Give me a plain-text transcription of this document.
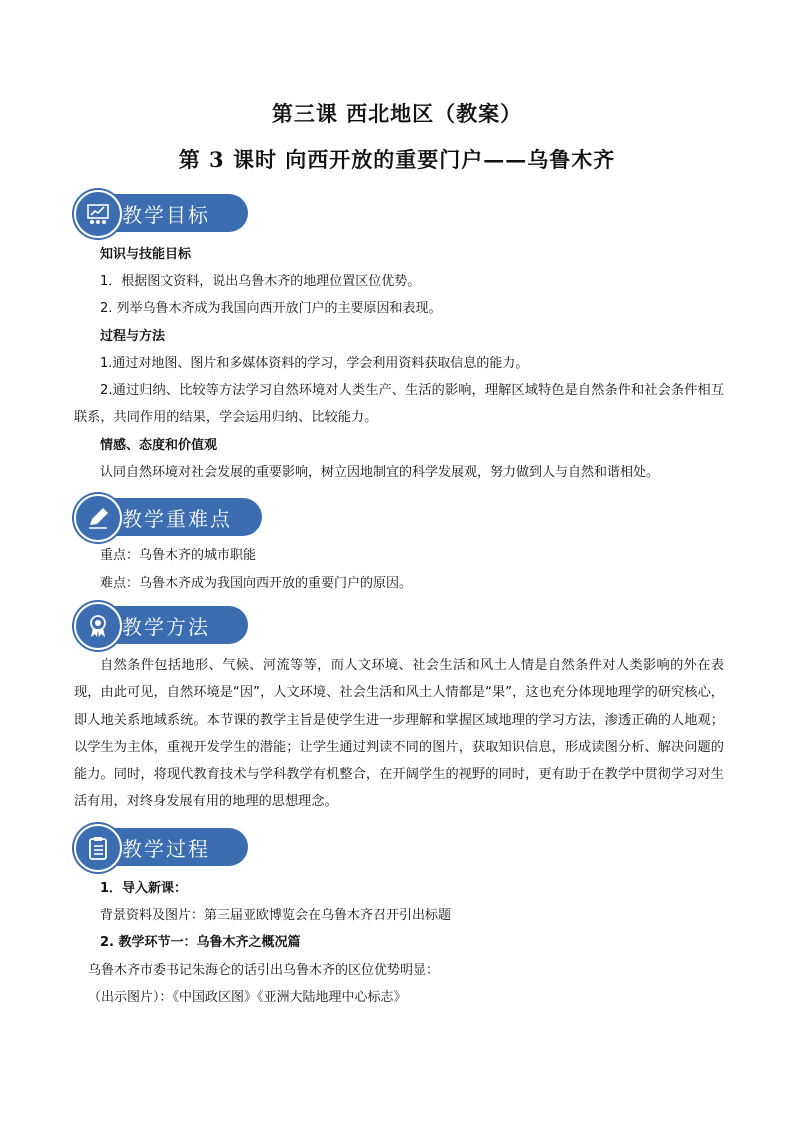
第三课 西北地区（教案）
第 3 课时 向西开放的重要门户——乌鲁木齐
教学目标
知识与技能目标
1．根据图文资料，说出乌鲁木齐的地理位置区位优势。
2. 列举乌鲁木齐成为我国向西开放门户的主要原因和表现。
过程与方法
1.通过对地图、图片和多媒体资料的学习，学会利用资料获取信息的能力。
2.通过归纳、比较等方法学习自然环境对人类生产、生活的影响，理解区域特色是自然条件和社会条件相互联系，共同作用的结果，学会运用归纳、比较能力。
情感、态度和价值观
认同自然环境对社会发展的重要影响，树立因地制宜的科学发展观，努力做到人与自然和谐相处。
教学重难点
重点：乌鲁木齐的城市职能
难点：乌鲁木齐成为我国向西开放的重要门户的原因。
教学方法
自然条件包括地形、气候、河流等等，而人文环境、社会生活和风土人情是自然条件对人类影响的外在表现，由此可见，自然环境是“因”，人文环境、社会生活和风土人情都是“果”，这也充分体现地理学的研究核心，即人地关系地域系统。本节课的教学主旨是使学生进一步理解和掌握区域地理的学习方法，渗透正确的人地观；以学生为主体，重视开发学生的潜能；让学生通过判读不同的图片，获取知识信息，形成读图分析、解决问题的能力。同时，将现代教育技术与学科教学有机整合，在开阔学生的视野的同时，更有助于在教学中贯彻学习对生活有用，对终身发展有用的地理的思想理念。
教学过程
1．导入新课：
背景资料及图片：第三届亚欧博览会在乌鲁木齐召开引出标题
2. 教学环节一：乌鲁木齐之概况篇
乌鲁木齐市委书记朱海仑的话引出乌鲁木齐的区位优势明显：
（出示图片）：《中国政区图》《亚洲大陆地理中心标志》
